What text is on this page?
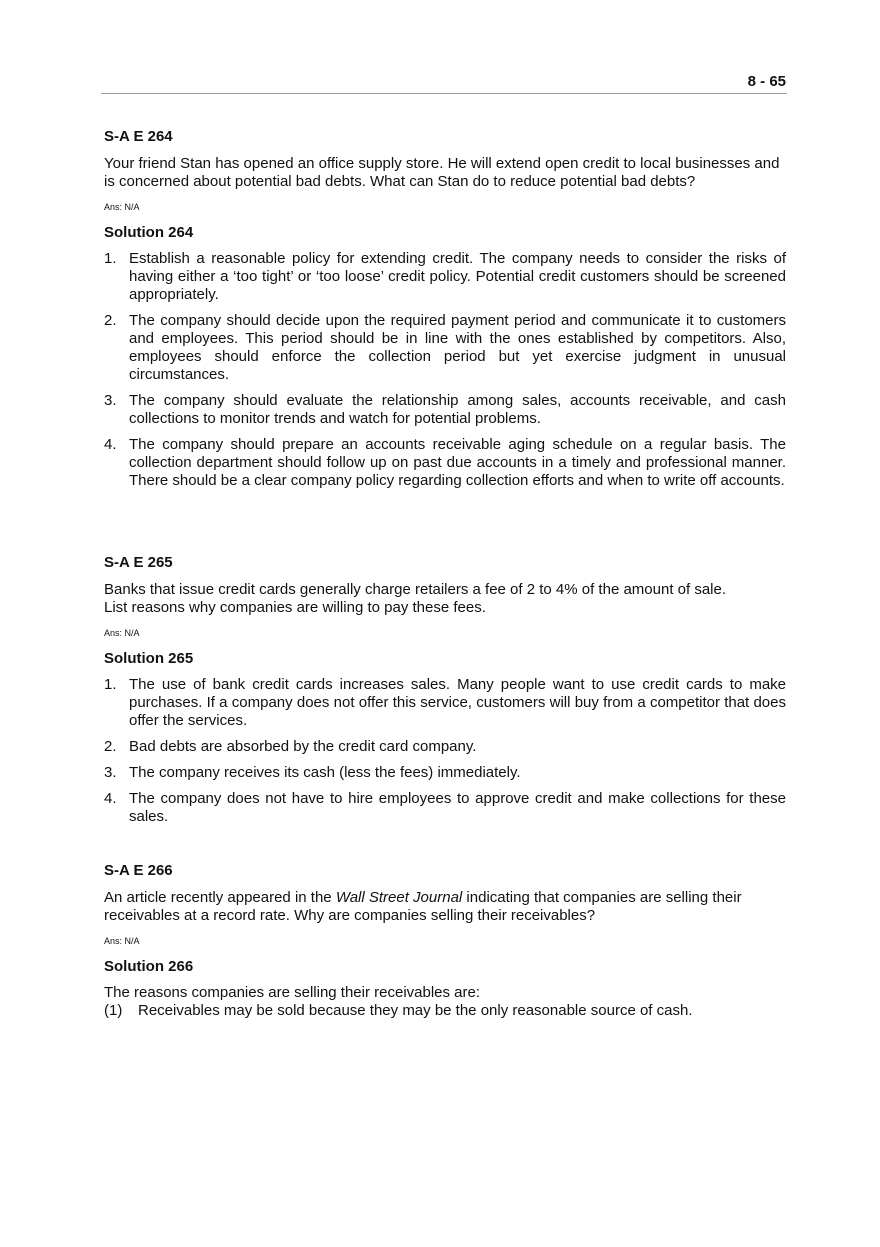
8 - 65

S-A E 264

Your friend Stan has opened an office supply store. He will extend open credit to local businesses and is concerned about potential bad debts. What can Stan do to reduce potential bad debts?

Ans: N/A

Solution 264

1. Establish a reasonable policy for extending credit. The company needs to consider the risks of having either a ‘too tight’ or ‘too loose’ credit policy. Potential credit customers should be screened appropriately.
2. The company should decide upon the required payment period and communicate it to customers and employees. This period should be in line with the ones established by competitors. Also, employees should enforce the collection period but yet exercise judgment in unusual circumstances.
3. The company should evaluate the relationship among sales, accounts receivable, and cash collections to monitor trends and watch for potential problems.
4. The company should prepare an accounts receivable aging schedule on a regular basis. The collection department should follow up on past due accounts in a timely and professional manner. There should be a clear company policy regarding collection efforts and when to write off accounts.

S-A E 265

Banks that issue credit cards generally charge retailers a fee of 2 to 4% of the amount of sale.
List reasons why companies are willing to pay these fees.

Ans: N/A

Solution 265

1. The use of bank credit cards increases sales. Many people want to use credit cards to make purchases. If a company does not offer this service, customers will buy from a competitor that does offer the services.
2. Bad debts are absorbed by the credit card company.
3. The company receives its cash (less the fees) immediately.
4. The company does not have to hire employees to approve credit and make collections for these sales.

S-A E 266

An article recently appeared in the Wall Street Journal indicating that companies are selling their receivables at a record rate. Why are companies selling their receivables?

Ans: N/A

Solution 266

The reasons companies are selling their receivables are:

(1) Receivables may be sold because they may be the only reasonable source of cash.
